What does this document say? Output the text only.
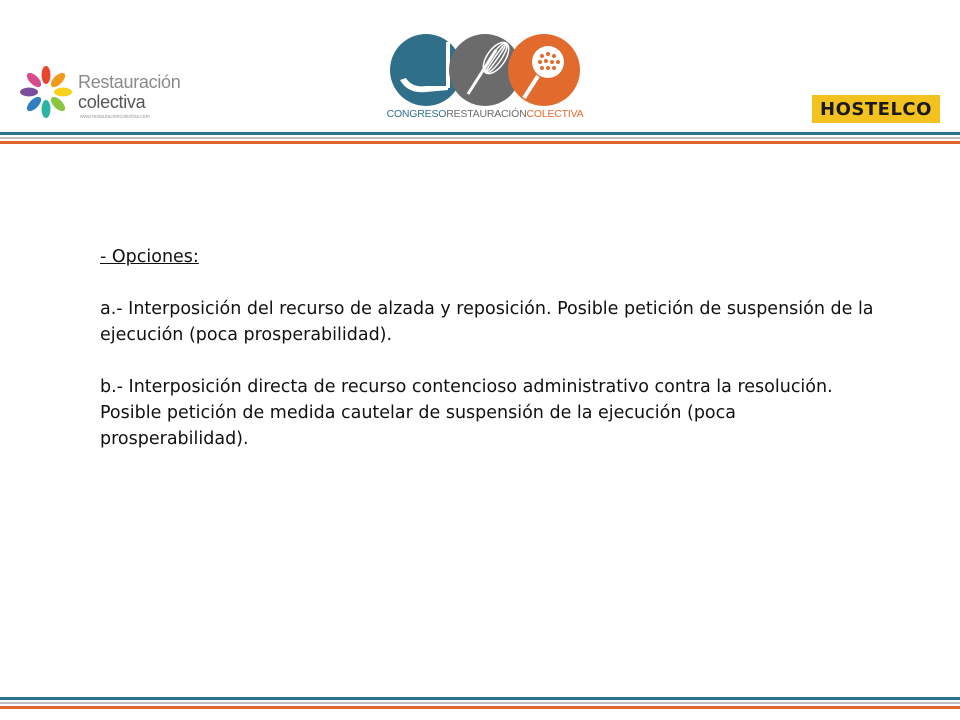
Restauración
colectiva
www.restauracioncolectiva.com	CONGRESORESTAURACIÓNCOLECTIVA	HOSTELCO

- Opciones:

a.- Interposición del recurso de alzada y reposición. Posible petición de suspensión de la ejecución (poca prosperabilidad).

b.- Interposición directa de recurso contencioso administrativo contra la resolución. Posible petición de medida cautelar de suspensión de la ejecución (poca prosperabilidad).
